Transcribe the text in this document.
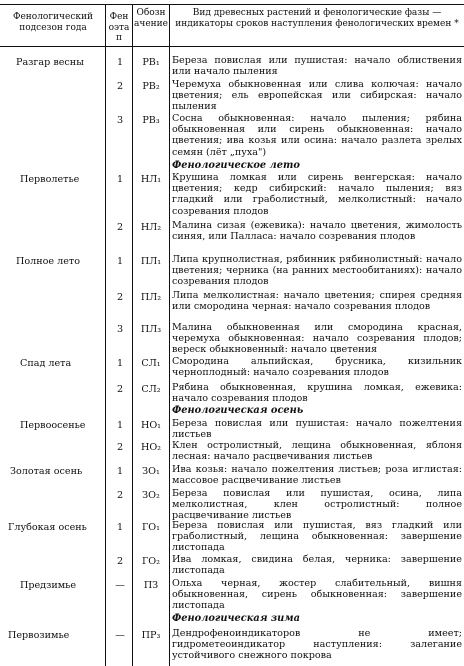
Фенологический подсезон года
Феноэтап
Обозначение
Вид древесных растений и фенологические фазы — индикаторы сроков наступления фенологических времен *
Разгар весны	1	РВ₁	Береза повислая или пушистая: начало облиствения или начало пыления
2	РВ₂	Черемуха обыкновенная или слива колючая: начало цветения; ель европейская или сибирская: начало пыления
3	РВ₃	Сосна обыкновенная: начало пыления; рябина обыкновенная или сирень обыкновенная: начало цветения; ива козья или осина: начало разлета зрелых семян (лёт „пуха")
Фенологическое лето
Перволетье	1	НЛ₁	Крушина ломкая или сирень венгерская: начало цветения; кедр сибирский: начало пыления; вяз гладкий или граболистный, мелколистный: начало созревания плодов
2	НЛ₂	Малина сизая (ежевика): начало цветения, жимолость синяя, или Палласа: начало созревания плодов
Полное лето	1	ПЛ₁	Липа крупнолистная, рябинник рябинолистный: начало цветения; черника (на ранних местообитаниях): начало созревания плодов
2	ПЛ₂	Липа мелколистная: начало цветения; спирея средняя или смородина черная: начало созревания плодов
3	ПЛ₃	Малина обыкновенная или смородина красная, черемуха обыкновенная: начало созревания плодов; вереск обыкновенный: начало цветения
Спад лета	1	СЛ₁	Смородина альпийская, брусника, кизильник черноплодный: начало созревания плодов
2	СЛ₂	Рябина обыкновенная, крушина ломкая, ежевика: начало созревания плодов
Фенологическая осень
Первоосенье	1	НО₁	Береза повислая или пушистая: начало пожелтения листьев
2	НО₂	Клен остролистный, лещина обыкновенная, яблоня лесная: начало расцвечивания листьев
Золотая осень	1	ЗО₁	Ива козья: начало пожелтения листьев; роза иглистая: массовое расцвечивание листьев
2	ЗО₂	Береза повислая или пушистая, осина, липа мелколистная, клен остролистный: полное расцвечивание листьев
Глубокая осень	1	ГО₁	Береза повислая или пушистая, вяз гладкий или граболистный, лещина обыкновенная: завершение листопада
2	ГО₂	Ива ломкая, свидина белая, черника: завершение листопада
Предзимье	—	ПЗ	Ольха черная, жостер слабительный, вишня обыкновенная, сирень обыкновенная: завершение листопада
Фенологическая зима
Первозимье	—	ПР₃	Дендрофеноиндикаторов не имеет; гидрометеоиндикатор наступления: залегание устойчивого снежного покрова
